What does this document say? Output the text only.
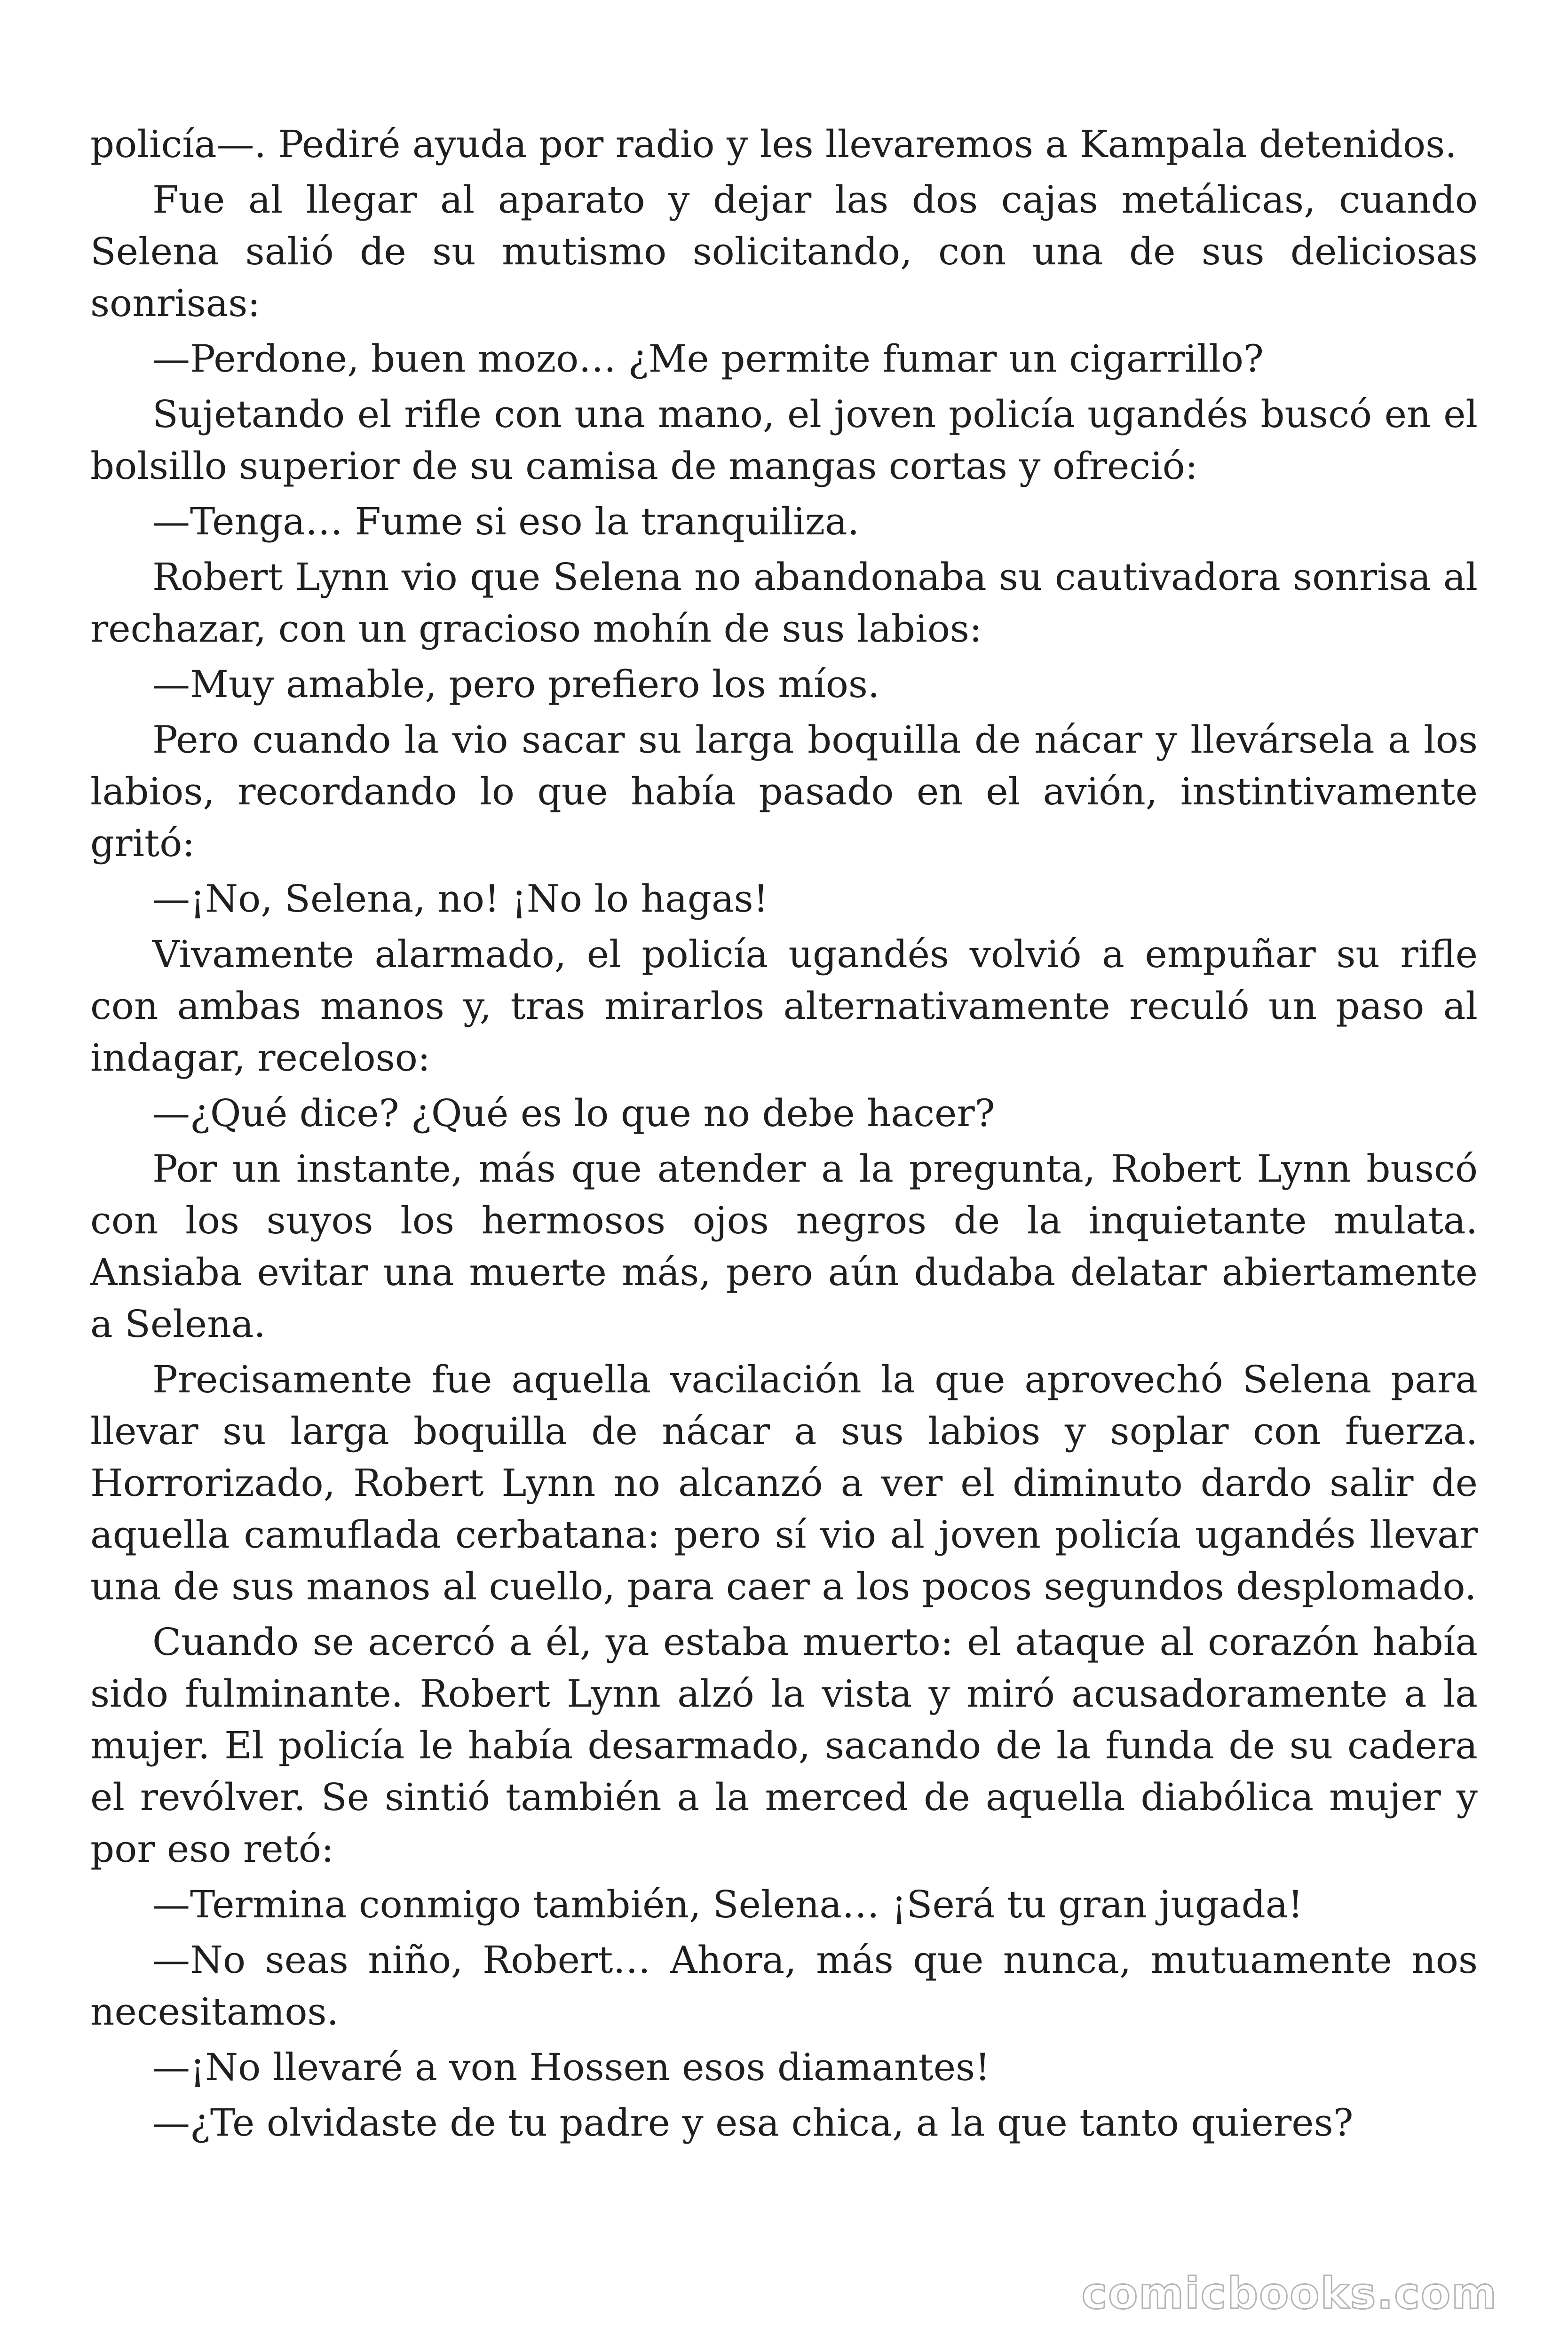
policía—. Pediré ayuda por radio y les llevaremos a Kampala detenidos.

Fue al llegar al aparato y dejar las dos cajas metálicas, cuando Selena salió de su mutismo solicitando, con una de sus deliciosas sonrisas:

—Perdone, buen mozo… ¿Me permite fumar un cigarrillo?

Sujetando el rifle con una mano, el joven policía ugandés buscó en el bolsillo superior de su camisa de mangas cortas y ofreció:

—Tenga… Fume si eso la tranquiliza.

Robert Lynn vio que Selena no abandonaba su cautivadora sonrisa al rechazar, con un gracioso mohín de sus labios:

—Muy amable, pero prefiero los míos.

Pero cuando la vio sacar su larga boquilla de nácar y llevársela a los labios, recordando lo que había pasado en el avión, instintivamente gritó:

—¡No, Selena, no! ¡No lo hagas!

Vivamente alarmado, el policía ugandés volvió a empuñar su rifle con ambas manos y, tras mirarlos alternativamente reculó un paso al indagar, receloso:

—¿Qué dice? ¿Qué es lo que no debe hacer?

Por un instante, más que atender a la pregunta, Robert Lynn buscó con los suyos los hermosos ojos negros de la inquietante mulata. Ansiaba evitar una muerte más, pero aún dudaba delatar abiertamente a Selena.

Precisamente fue aquella vacilación la que aprovechó Selena para llevar su larga boquilla de nácar a sus labios y soplar con fuerza. Horrorizado, Robert Lynn no alcanzó a ver el diminuto dardo salir de aquella camuflada cerbatana: pero sí vio al joven policía ugandés llevar una de sus manos al cuello, para caer a los pocos segundos desplomado.

Cuando se acercó a él, ya estaba muerto: el ataque al corazón había sido fulminante. Robert Lynn alzó la vista y miró acusadoramente a la mujer. El policía le había desarmado, sacando de la funda de su cadera el revólver. Se sintió también a la merced de aquella diabólica mujer y por eso retó:

—Termina conmigo también, Selena… ¡Será tu gran jugada!

—No seas niño, Robert… Ahora, más que nunca, mutuamente nos necesitamos.

—¡No llevaré a von Hossen esos diamantes!

—¿Te olvidaste de tu padre y esa chica, a la que tanto quieres?

comicbooks.com
